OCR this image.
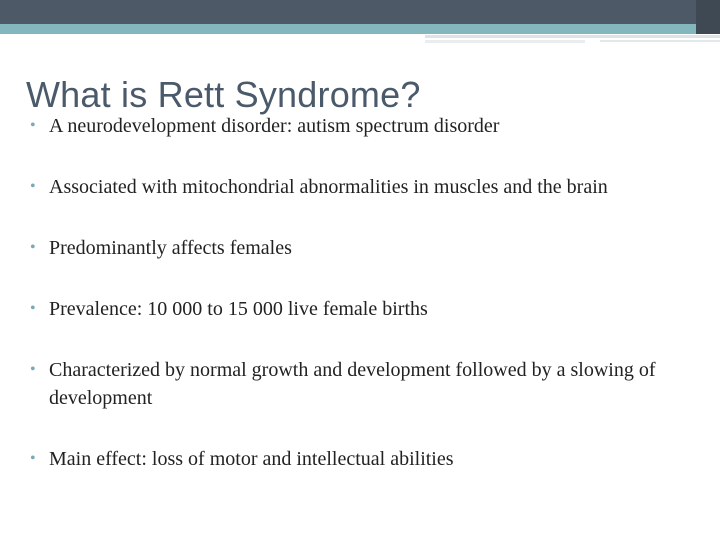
What is Rett Syndrome?
• A neurodevelopment disorder: autism spectrum disorder
• Associated with mitochondrial abnormalities in muscles and the brain
• Predominantly affects females
• Prevalence: 10 000 to 15 000 live female births
• Characterized by normal growth and development followed by a slowing of development
• Main effect: loss of motor and intellectual abilities
